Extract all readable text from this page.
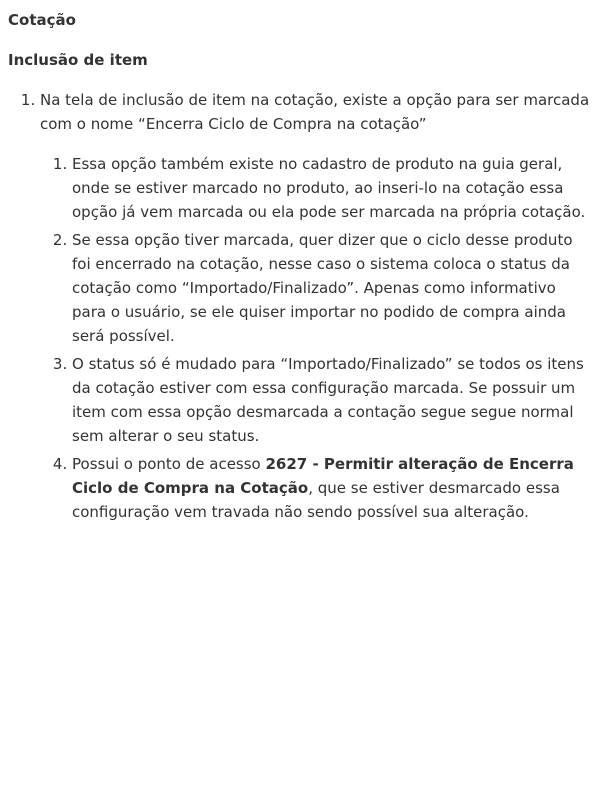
Cotação
Inclusão de item
1. Na tela de inclusão de item na cotação, existe a opção para ser marcada com o nome “Encerra Ciclo de Compra na cotação”
1. Essa opção também existe no cadastro de produto na guia geral, onde se estiver marcado no produto, ao inseri-lo na cotação essa opção já vem marcada ou ela pode ser marcada na própria cotação.
2. Se essa opção tiver marcada, quer dizer que o ciclo desse produto foi encerrado na cotação, nesse caso o sistema coloca o status da cotação como “Importado/Finalizado”. Apenas como informativo para o usuário, se ele quiser importar no podido de compra ainda será possível.
3. O status só é mudado para “Importado/Finalizado” se todos os itens da cotação estiver com essa configuração marcada. Se possuir um item com essa opção desmarcada a contação segue segue normal sem alterar o seu status.
4. Possui o ponto de acesso 2627 - Permitir alteração de Encerra Ciclo de Compra na Cotação, que se estiver desmarcado essa configuração vem travada não sendo possível sua alteração.
